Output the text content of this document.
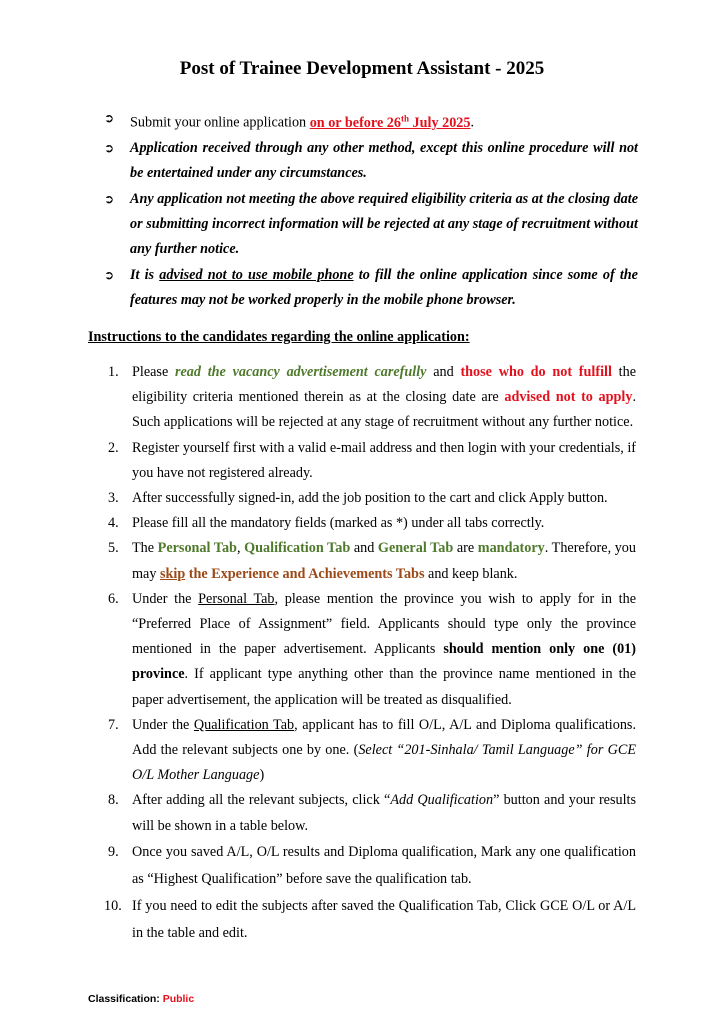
Post of Trainee Development Assistant - 2025
➲ Submit your online application on or before 26th July 2025.
➲ Application received through any other method, except this online procedure will not be entertained under any circumstances.
➲ Any application not meeting the above required eligibility criteria as at the closing date or submitting incorrect information will be rejected at any stage of recruitment without any further notice.
➲ It is advised not to use mobile phone to fill the online application since some of the features may not be worked properly in the mobile phone browser.
Instructions to the candidates regarding the online application:
1. Please read the vacancy advertisement carefully and those who do not fulfill the eligibility criteria mentioned therein as at the closing date are advised not to apply. Such applications will be rejected at any stage of recruitment without any further notice.
2. Register yourself first with a valid e-mail address and then login with your credentials, if you have not registered already.
3. After successfully signed-in, add the job position to the cart and click Apply button.
4. Please fill all the mandatory fields (marked as *) under all tabs correctly.
5. The Personal Tab, Qualification Tab and General Tab are mandatory. Therefore, you may skip the Experience and Achievements Tabs and keep blank.
6. Under the Personal Tab, please mention the province you wish to apply for in the “Preferred Place of Assignment” field. Applicants should type only the province mentioned in the paper advertisement. Applicants should mention only one (01) province. If applicant type anything other than the province name mentioned in the paper advertisement, the application will be treated as disqualified.
7. Under the Qualification Tab, applicant has to fill O/L, A/L and Diploma qualifications. Add the relevant subjects one by one. (Select “201-Sinhala/ Tamil Language” for GCE O/L Mother Language)
8. After adding all the relevant subjects, click “Add Qualification” button and your results will be shown in a table below.
9. Once you saved A/L, O/L results and Diploma qualification, Mark any one qualification as “Highest Qualification” before save the qualification tab.
10. If you need to edit the subjects after saved the Qualification Tab, Click GCE O/L or A/L in the table and edit.
Classification: Public
